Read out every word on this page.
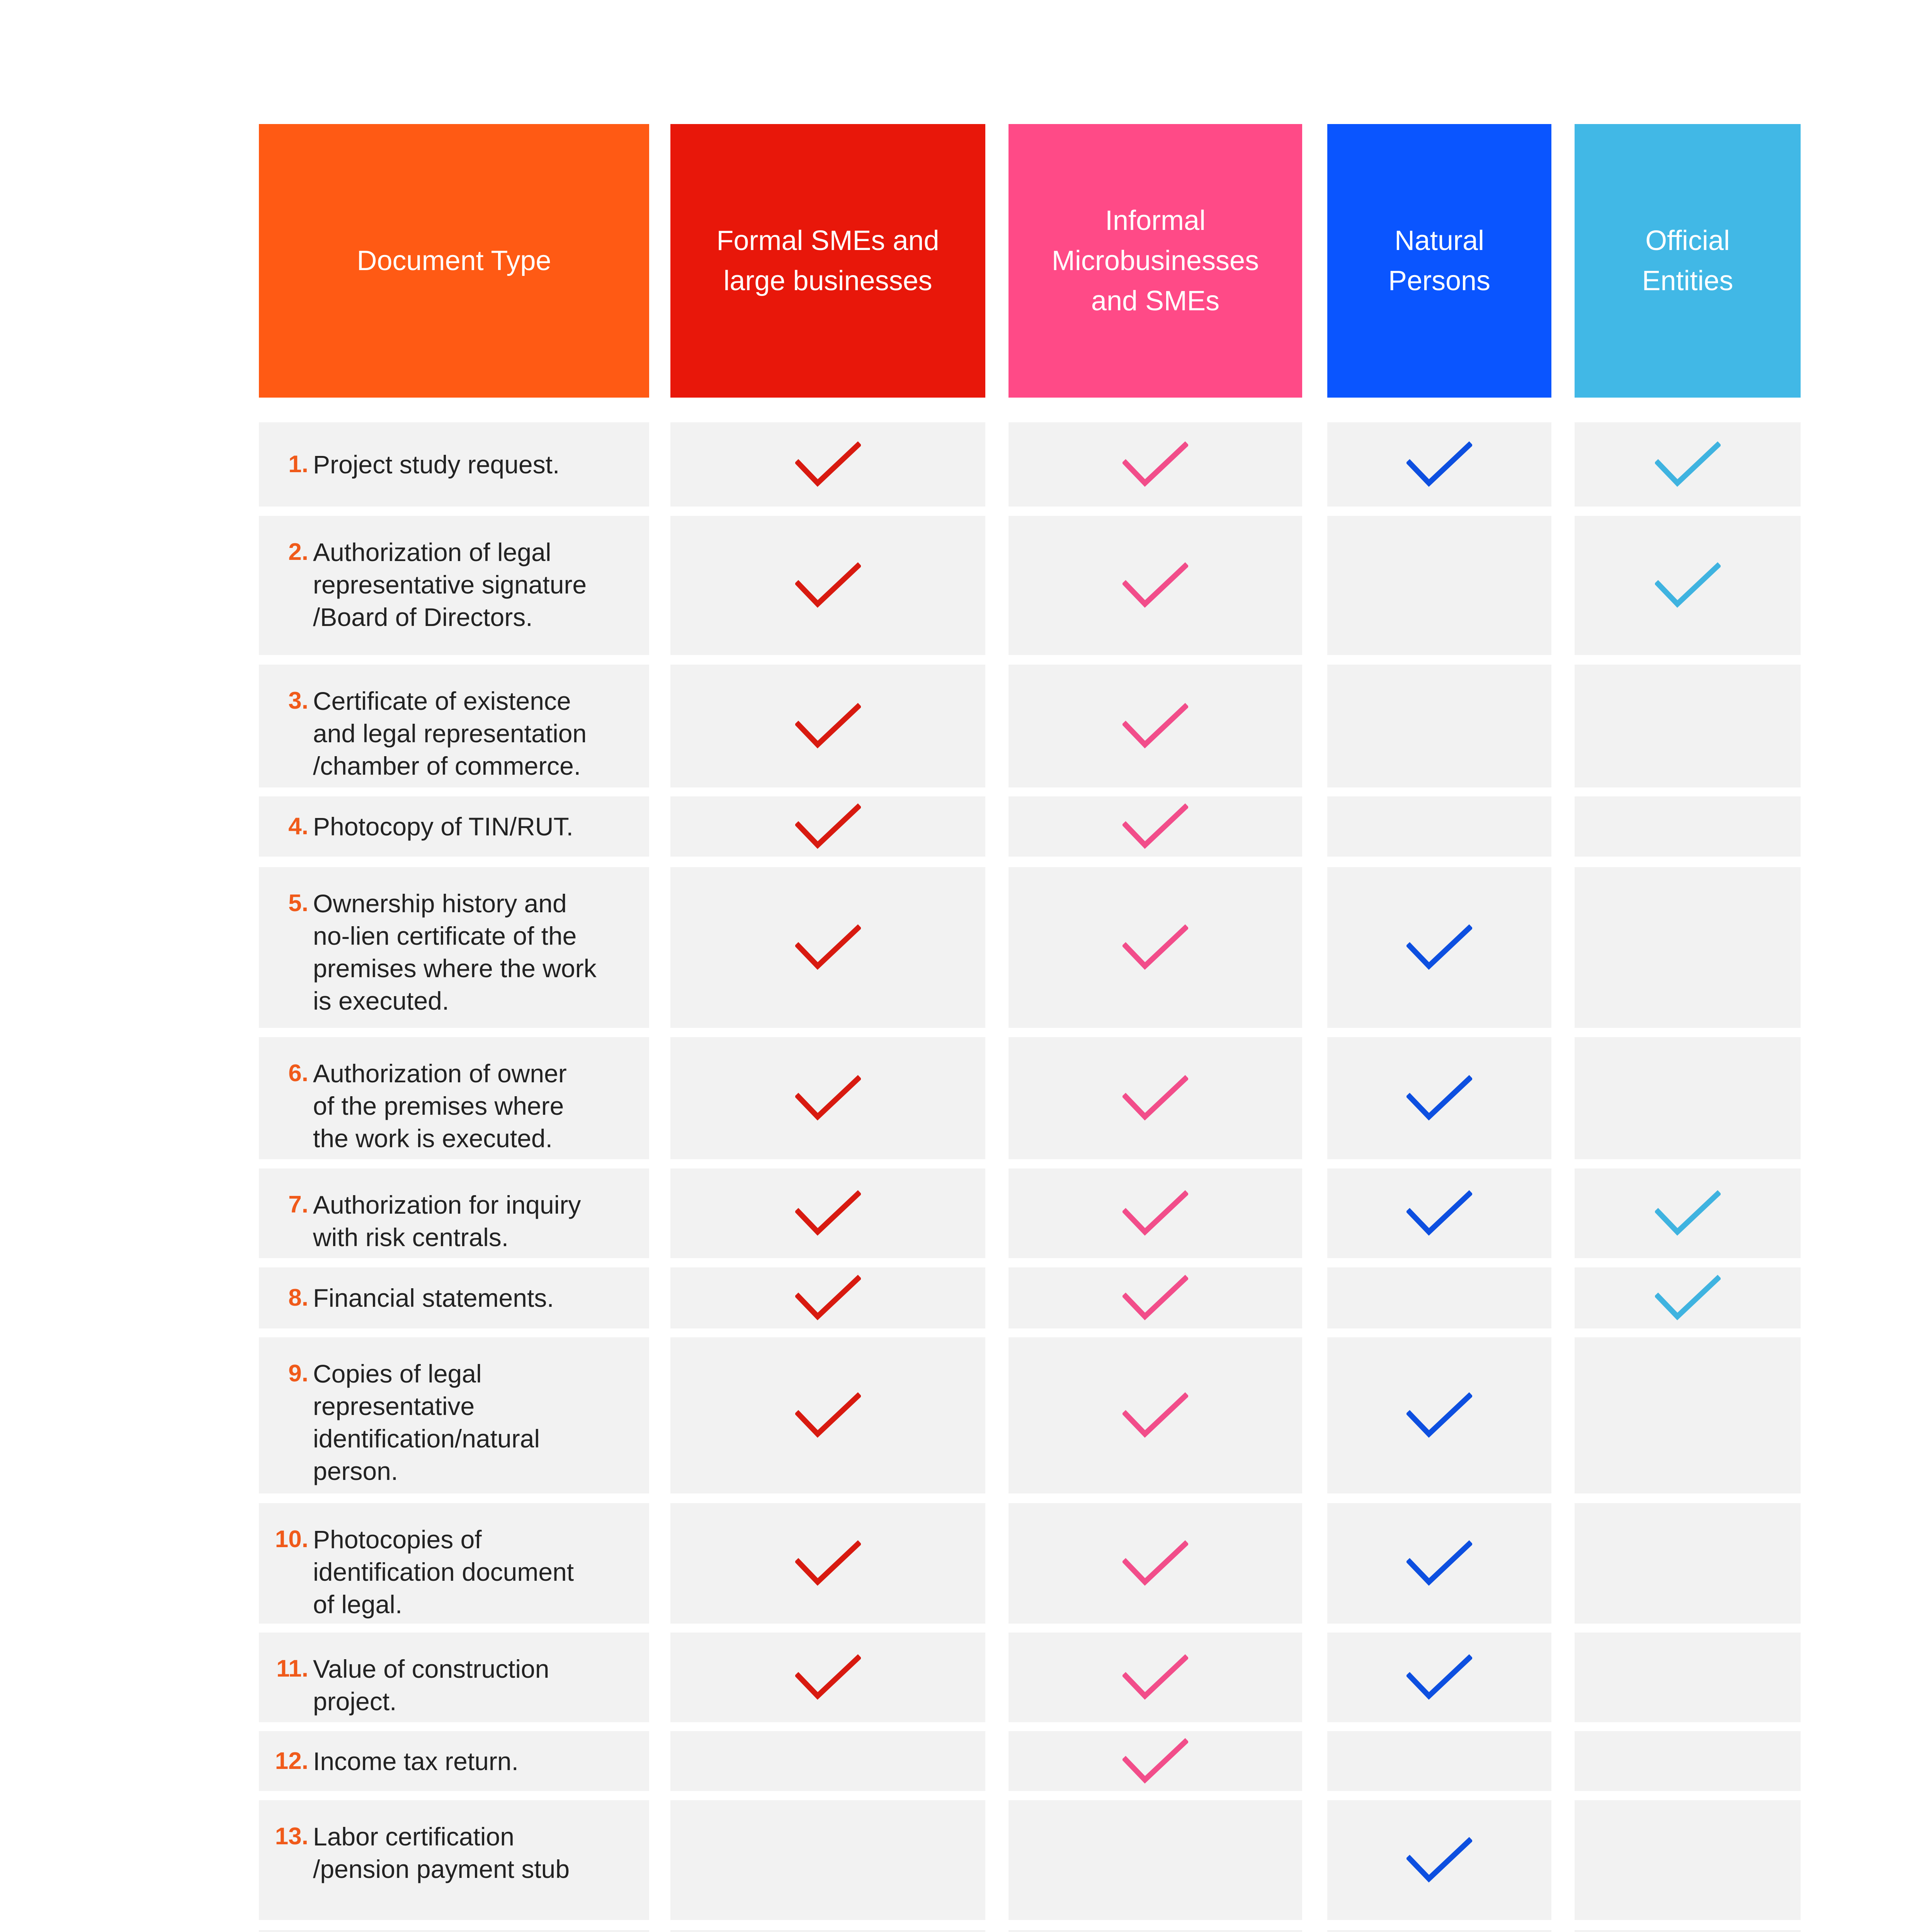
Document Type
Formal SMEs and
large businesses
Informal
Microbusinesses
and SMEs
Natural
Persons
Official
Entities
1. Project study request.
2. Authorization of legal
representative signature
/Board of Directors.
3. Certificate of existence
and legal representation
/chamber of commerce.
4. Photocopy of TIN/RUT.
5. Ownership history and
no-lien certificate of the
premises where the work
is executed.
6. Authorization of owner
of the premises where
the work is executed.
7. Authorization for inquiry
with risk centrals.
8. Financial statements.
9. Copies of legal
representative
identification/natural
person.
10. Photocopies of
identification document
of legal.
11. Value of construction
project.
12. Income tax return.
13. Labor certification
/pension payment stub
